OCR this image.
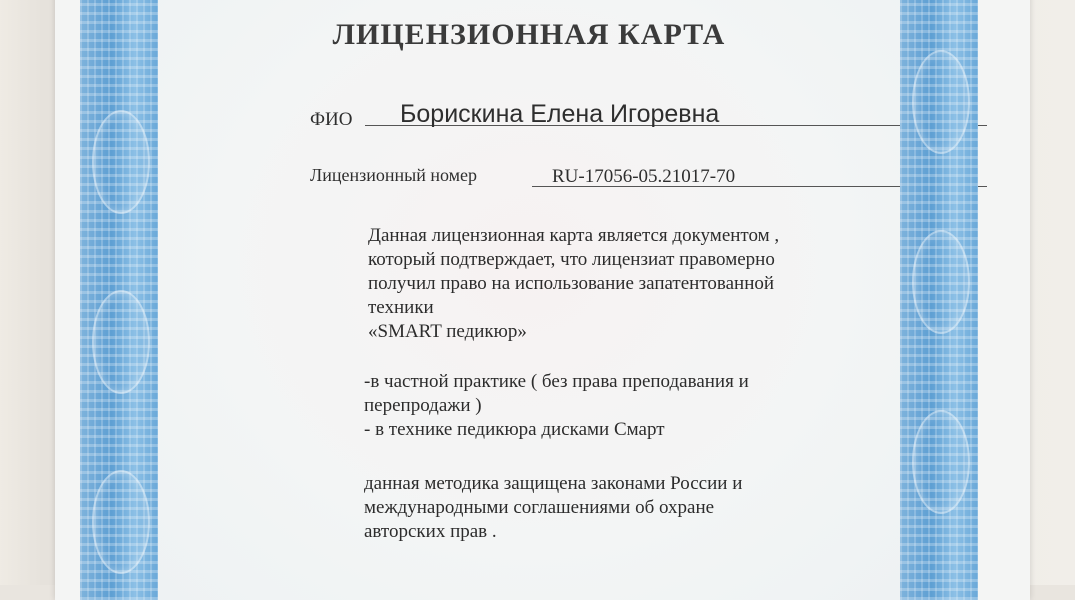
ЛИЦЕНЗИОННАЯ КАРТА
ФИО Борискина Елена Игоревна
Лицензионный номер	RU-17056-05.21017-70
Данная лицензионная карта является документом ,
который подтверждает, что лицензиат правомерно
получил право на использование запатентованной
техники
«SMART педикюр»
-в частной практике ( без права преподавания и
перепродажи )
- в технике педикюра дисками Смарт
данная методика защищена законами России и
международными соглашениями об охране
авторских прав .
